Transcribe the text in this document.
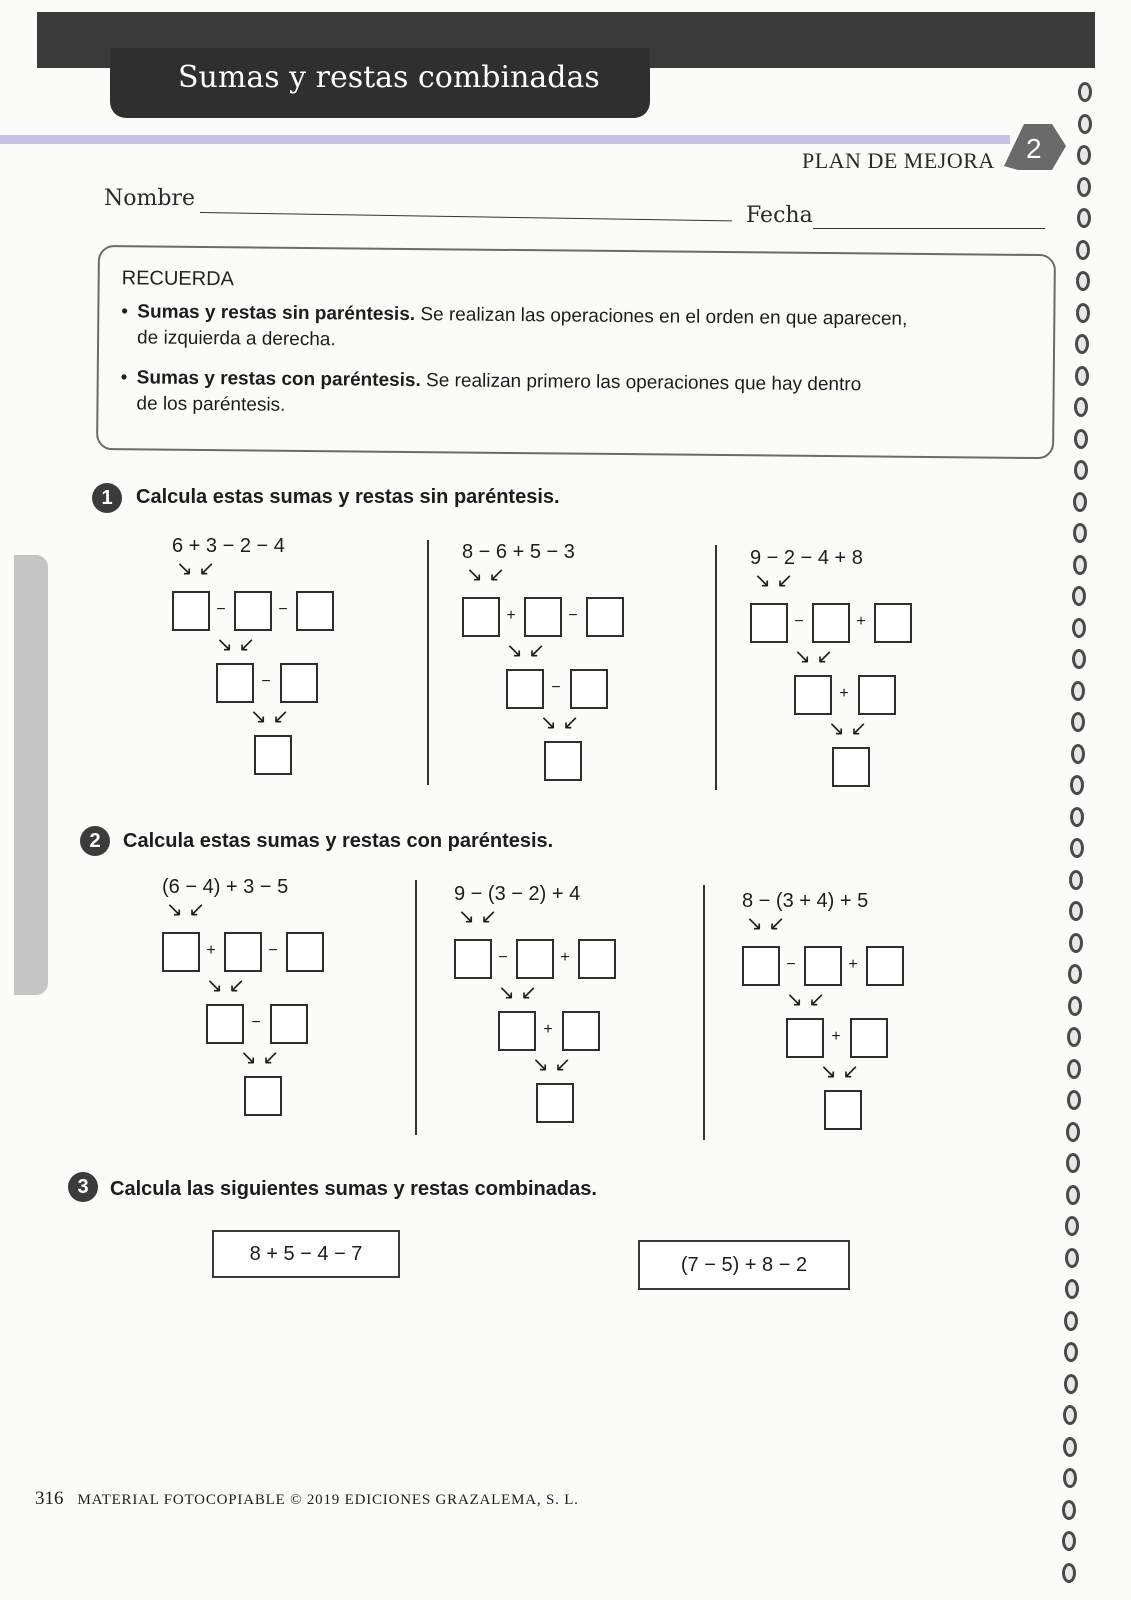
Sumas y restas combinadas
PLAN DE MEJORA 2
Nombre
Fecha
RECUERDA
• Sumas y restas sin paréntesis. Se realizan las operaciones en el orden en que aparecen,
de izquierda a derecha.
• Sumas y restas con paréntesis. Se realizan primero las operaciones que hay dentro
de los paréntesis.
1	Calcula estas sumas y restas sin paréntesis.
2	Calcula estas sumas y restas con paréntesis.
3	Calcula las siguientes sumas y restas combinadas.
6 + 3 − 2 − 4
↘ ↙
−	−
↘ ↙
−
↘ ↙
8 − 6 + 5 − 3
↘ ↙
+	−
↘ ↙
−
↘ ↙
9 − 2 − 4 + 8
↘ ↙
−	+
↘ ↙
+
↘ ↙
(6 − 4) + 3 − 5
↘ ↙
+	−
↘ ↙
−
↘ ↙
9 − (3 − 2) + 4
↘ ↙
−	+
↘ ↙
+
↘ ↙
8 − (3 + 4) + 5
↘ ↙
−	+
↘ ↙
+
↘ ↙
8 + 5 − 4 − 7	(7 − 5) + 8 − 2
316 MATERIAL FOTOCOPIABLE © 2019 EDICIONES GRAZALEMA, S. L.
